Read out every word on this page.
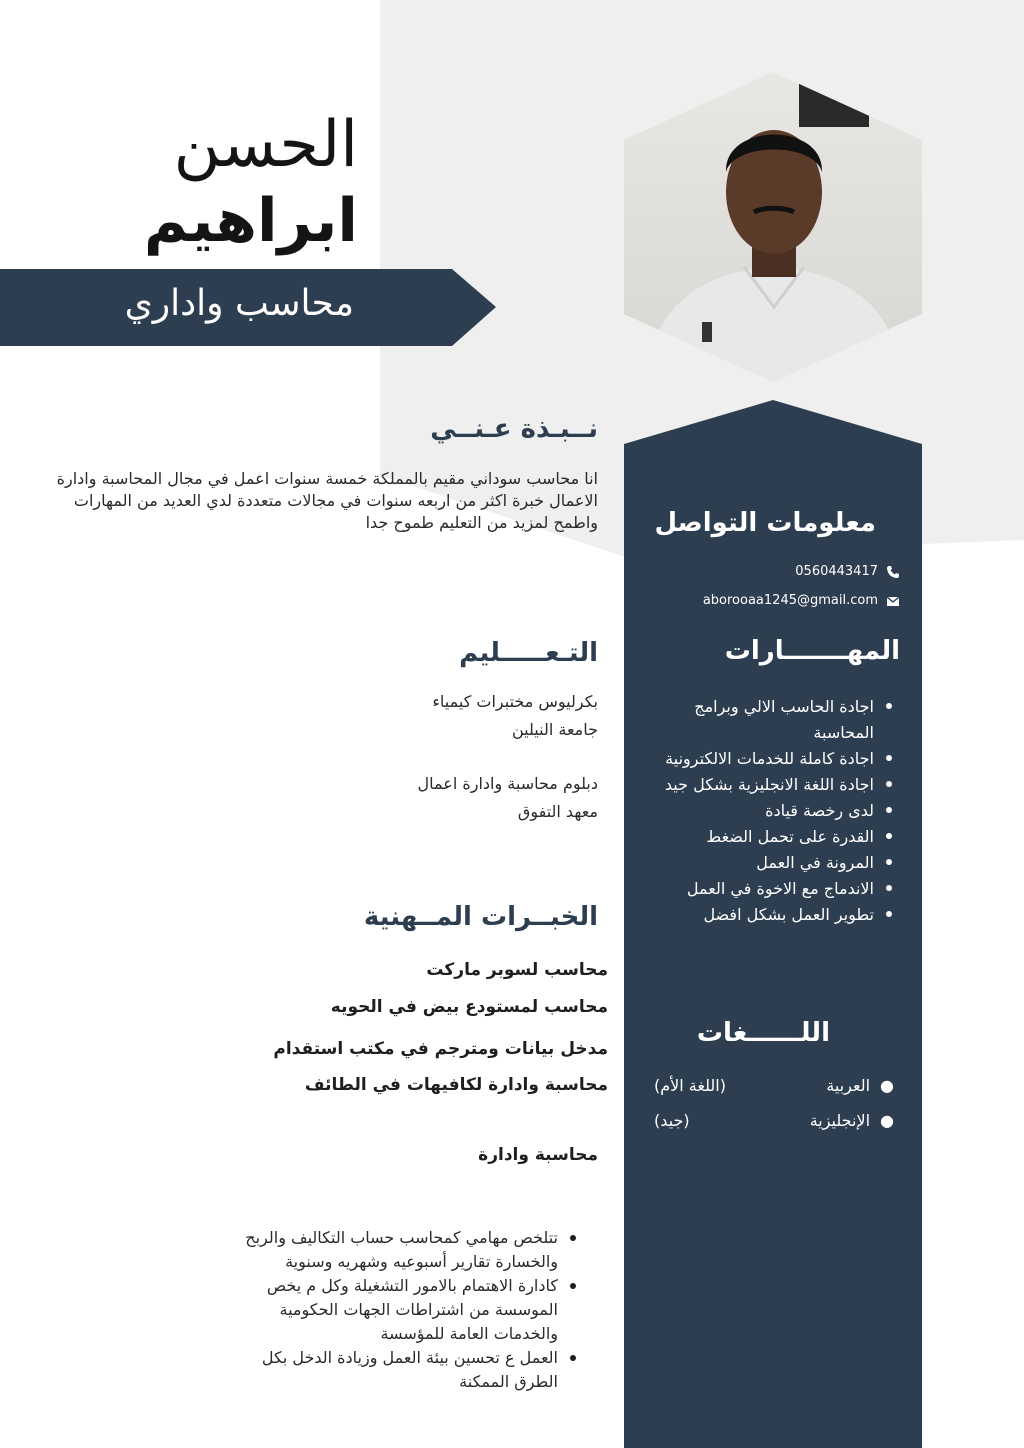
الحسن
ابراهيم
محاسب واداري
نــبـذة عـنــي
انا محاسب سوداني مقيم بالمملكة خمسة سنوات اعمل في مجال المحاسبة وادارة الاعمال خبرة اكثر من اربعه سنوات في مجالات متعددة لدي العديد من المهارات واطمح لمزيد من التعليم طموح جدا معلومات التواصل
0560443417
aborooaa1245@gmail.com
المهـــــــارات
اجادة الحاسب الالي وبرامج المحاسبة
اجادة كاملة للخدمات الالكترونية
اجادة اللغة الانجليزية بشكل جيد
لدى رخصة قيادة
القدرة على تحمل الضغط
المرونة في العمل
الاندماج مع الاخوة في العمل
تطوير العمل بشكل افضل
اللــــــغات
●العربية
(اللغة الأم)
●الإنجليزية
(جيد)
التـعـــــليم
بكرليوس مختبرات كيمياء
جامعة النيلين
دبلوم محاسبة وادارة اعمال
معهد التفوق
الخبــرات المــهنية
محاسب لسوبر ماركت
محاسب لمستودع بيض في الحويه
مدخل بيانات ومترجم في مكتب استقدام
محاسبة وادارة لكافيهات في الطائف
محاسبة وادارة
تتلخص مهامي كمحاسب حساب التكاليف والربح والخسارة تقارير أسبوعيه وشهريه وسنوية
كادارة الاهتمام بالامور التشغيلة وكل م يخص الموسسة من اشتراطات الجهات الحكومية والخدمات العامة للمؤسسة
العمل ع تحسين بيئة العمل وزيادة الدخل بكل الطرق الممكنة
